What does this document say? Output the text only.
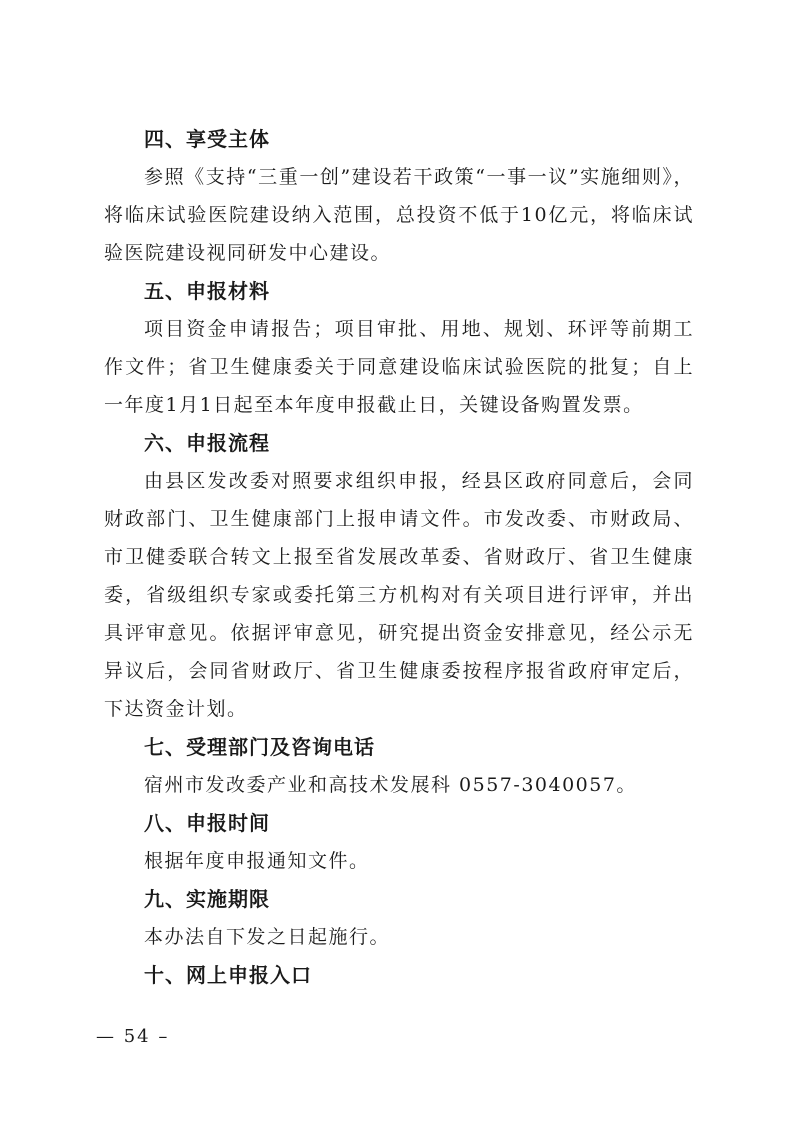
四、享受主体

参照《支持“三重一创”建设若干政策“一事一议”实施细则》，将临床试验医院建设纳入范围，总投资不低于10亿元，将临床试验医院建设视同研发中心建设。

五、申报材料

项目资金申请报告；项目审批、用地、规划、环评等前期工作文件；省卫生健康委关于同意建设临床试验医院的批复；自上一年度1月1日起至本年度申报截止日，关键设备购置发票。

六、申报流程

由县区发改委对照要求组织申报，经县区政府同意后，会同财政部门、卫生健康部门上报申请文件。市发改委、市财政局、市卫健委联合转文上报至省发展改革委、省财政厅、省卫生健康委，省级组织专家或委托第三方机构对有关项目进行评审，并出具评审意见。依据评审意见，研究提出资金安排意见，经公示无异议后，会同省财政厅、省卫生健康委按程序报省政府审定后，下达资金计划。

七、受理部门及咨询电话

宿州市发改委产业和高技术发展科 0557-3040057。

八、申报时间

根据年度申报通知文件。

九、实施期限

本办法自下发之日起施行。

十、网上申报入口

— 54 –
